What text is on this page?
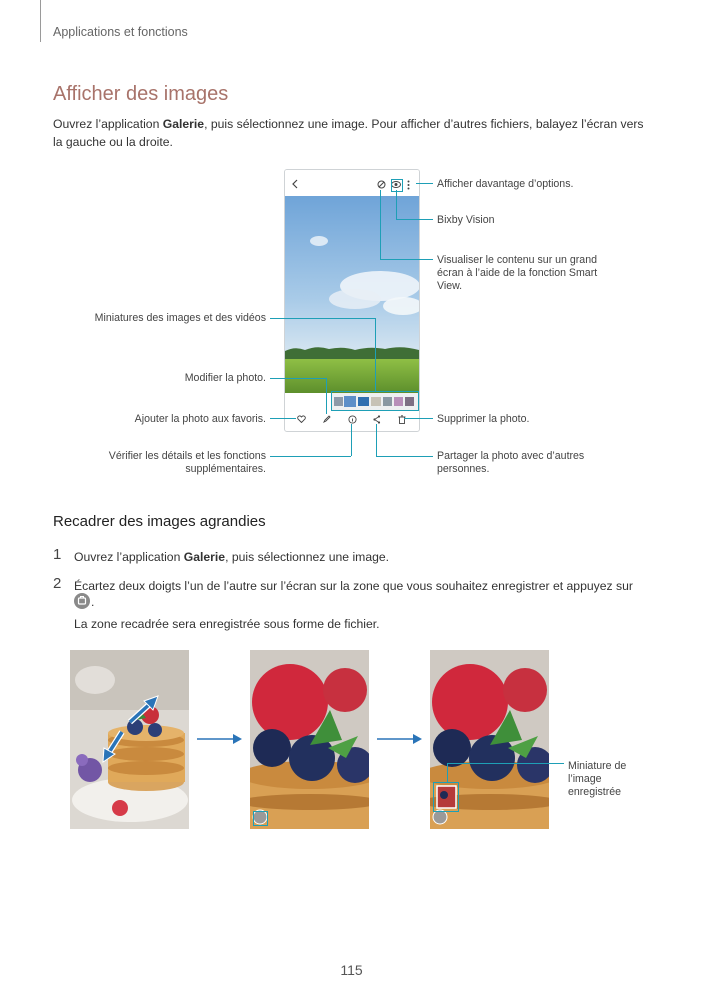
Applications et fonctions
Afficher des images
Ouvrez l’application Galerie, puis sélectionnez une image. Pour afficher d’autres fichiers, balayez l’écran vers la gauche ou la droite.
Afficher davantage d’options.
Bixby Vision
Visualiser le contenu sur un grand écran à l’aide de la fonction Smart View.
Miniatures des images et des vidéos
Modifier la photo.
Ajouter la photo aux favoris.	Supprimer la photo.
Vérifier les détails et les fonctions supplémentaires.
Partager la photo avec d’autres personnes.
Recadrer des images agrandies
1 Ouvrez l’application Galerie, puis sélectionnez une image.
2 Écartez deux doigts l’un de l’autre sur l’écran sur la zone que vous souhaitez enregistrer et appuyez sur
.
La zone recadrée sera enregistrée sous forme de fichier.
Miniature de l’image enregistrée
115
